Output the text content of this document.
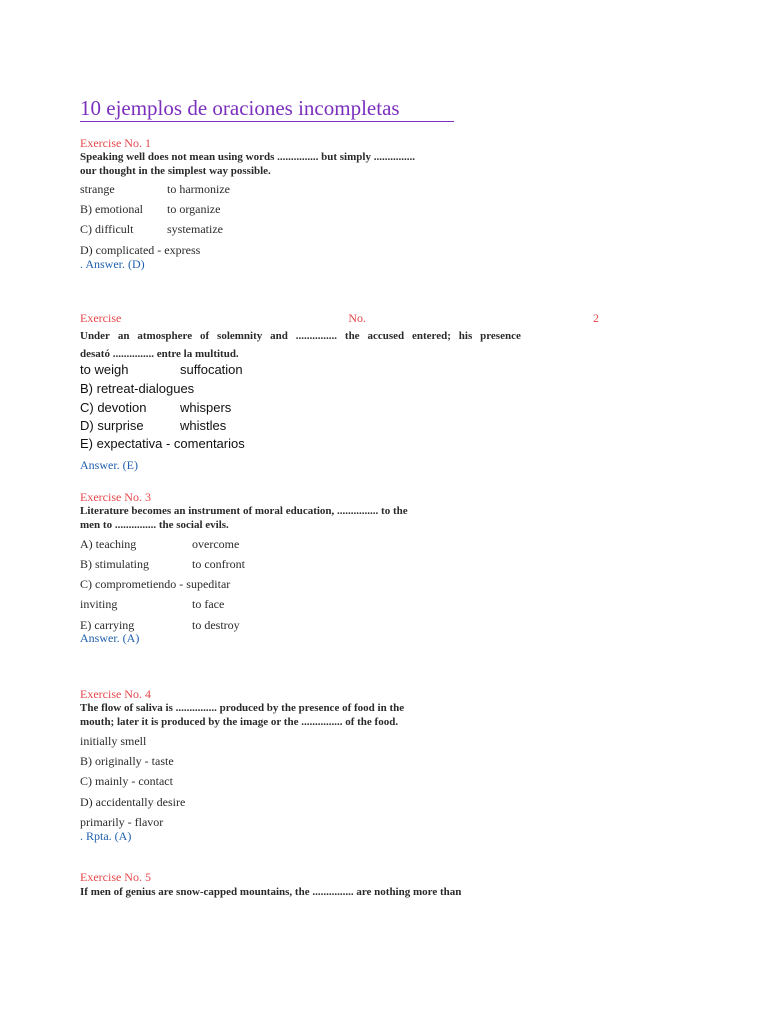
10 ejemplos de oraciones incompletas
Exercise No. 1
Speaking well does not mean using words ............... but simply ...............
our thought in the simplest way possible.
strange	to harmonize
B) emotional to organize
C) difficult	systematize
D) complicated - express
. Answer. (D)
Exercise	No.	2
Under an atmosphere of solemnity and ............... the accused entered; his presence
desató ............... entre la multitud.
to weigh	suffocation
B) retreat-dialogues
C) devotion	whispers
D) surprise	whistles
E) expectativa - comentarios
Answer. (E)
Exercise No. 3
Literature becomes an instrument of moral education, ............... to the
men to ............... the social evils.
A) teaching	overcome
B) stimulating	to confront
C) comprometiendo - supeditar
inviting	to face
E) carrying	to destroy
Answer. (A)
Exercise No. 4
The flow of saliva is ............... produced by the presence of food in the
mouth; later it is produced by the image or the ............... of the food.
initially smell
B) originally - taste
C) mainly - contact
D) accidentally desire
primarily - flavor
. Rpta. (A)
Exercise No. 5
If men of genius are snow-capped mountains, the ............... are nothing more than
